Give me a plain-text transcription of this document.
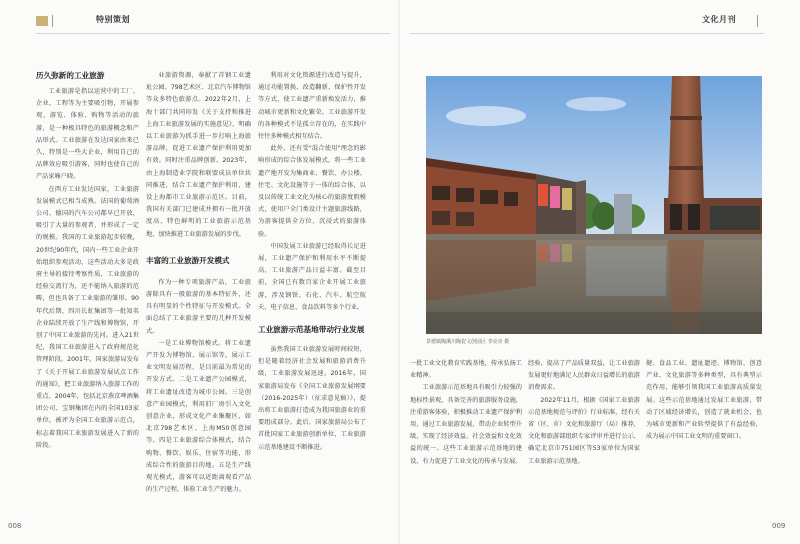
特别策划
历久弥新的工业旅游

工业旅游是指以运营中的工厂、企业、工程等为主要吸引物，开展参观、游览、体验、购物等活动的旅游，是一种极具特色的旅游概念和产品形式。工业旅游在发达国家由来已久，特别是一些大企业，利用自己的品牌效应吸引游客，同时也使自己的产品家喻户晓。

在西方工业发达国家，工业旅游发展模式已相当成熟。法国的葡萄酒公司、德国的汽车公司都早已开放，吸引了大量的参观者，并形成了一定的规模。我国的工业旅游起步较晚，20世纪90年代，国内一些工业企业开始组织参观活动，这些活动大多是政府主导的接待考察性质，工业旅游的经验交流行为，还不能纳入旅游的范畴，但也具备了工业旅游的雏形。90年代后期，四川长虹集团等一批知名企业陆续开放了生产线和博物馆，开创了中国工业旅游的先河。进入21世纪，我国工业旅游进入了政府规范化管理阶段。2001年，国家旅游局发布了《关于开展工业旅游发展试点工作的通知》，把工业旅游纳入旅游工作的重点。2004年，包括北京燕京啤酒集团公司、宝钢集团在内的全国103家单位，被评为全国工业旅游示范点，标志着我国工业旅游发展进入了新的阶段。

业旅游资源，奉献了首钢工业遗址公园、798艺术区、北京汽车博物馆等众多特色旅游点。2022年2月，上海十部门共同印发《关于支持和推进上海工业旅游发展的实施意见》，明确以工业旅游为抓手进一步打响上海旅游品牌，促进工业遗产保护利用更加有效。同时注重品牌创新。2023年，由上海制造业学院和联盟成员单位共同推进，结合工业遗产保护利用，建设上海都市工业旅游示范区。目前，我国有关部门已建成并拥有一批开放度高、特色鲜明的工业旅游示范基地，加快推进工业旅游发展的步伐。

丰富的工业旅游开发模式

作为一种专项旅游产品，工业旅游除具有一般旅游的基本特征外，还具有明显的个性特征与开发模式。全面总结了工业旅游主要的几种开发模式。

一是工业博物馆模式。将工业遗产开发为博物馆、展示馆等，展示工业文明发展历程，是目前最为常见的开发方式。二是工业遗产公园模式，将工业遗址改造为城市公园。三是创意产业园模式，利用旧厂房引入文化创意企业，形成文化产业集聚区，如北京798艺术区、上海M50创意园等。四是工业旅游综合体模式，结合购物、餐饮、娱乐、住宿等功能，形成综合性的旅游目的地。五是生产线观光模式，游客可以近距离观看产品的生产过程，体验工业生产的魅力。

利用对文化资源进行改造与提升，通过功能置换、改造翻新、保护性开发等方式，使工业遗产重新焕发活力，推动城市更新和文化繁荣。工业旅游开发的各种模式不是孤立存在的，在实践中往往多种模式相互结合。

此外，还有受"混合使用"理念的影响形成的综合体发展模式，将一些工业遗产地开发为集商业、餐饮、办公楼、住宅、文化设施等于一体的综合体，以及以传统工业文化为核心的旅游度假模式，使用户全门类设计主题旅游线路，为游客提供全方位、沉浸式的旅游体验。

中国发展工业旅游已经取得长足进展，工业遗产保护和利用水平不断提高，工业旅游产品日益丰富。截至目前，全国已有数百家企业开展工业旅游，涉及钢铁、石化、汽车、航空航天、电子信息、食品饮料等多个行业。

工业旅游示范基地带动行业发展

虽然我国工业旅游发展时间较短，但是随着经济社会发展和旅游消费升级，工业旅游发展迅速。2016年，国家旅游局发布《全国工业旅游发展纲要（2016-2025年）（征求意见稿）》，提出将工业旅游打造成为我国旅游业的重要组成部分。此后，国家旅游局公布了首批国家工业旅游创新单位，工业旅游示范基地建设不断推进。

008
文化月刊
景德镇陶溪川陶瓷文创园区 李亮亮 摄

一批工业文化教育实践基地，传承弘扬工业精神。

工业旅游示范基地具有吸引力较强的地标性景观，具备完善的旅游服务设施，注重游客体验，积极推动工业遗产保护利用，通过工业旅游发展，带动企业转型升级，实现了经济效益、社会效益和文化效益的统一。这些工业旅游示范基地的建设，有力促进了工业文化的传承与发展。

经验，提高了产品质量双益，让工业旅游发展更好地满足人民群众日益增长的旅游消费需求。

2022年11月，根据《国家工业旅游示范基地规范与评价》行业标准，经有关省（区、市）文化和旅游厅（局）推荐，文化和旅游部组织专家评审并进行公示，确定北京市751园区等53家单位为国家工业旅游示范基地。

健、食品工业、遗址遗迹、博物馆、创意产业、文化旅游等多种类型，具有典型示范作用，能够引领我国工业旅游高质量发展。这些示范基地通过发展工业旅游，带动了区域经济增长，创造了就业机会，也为城市更新和产业转型提供了有益经验，成为展示中国工业文明的重要窗口。

009
